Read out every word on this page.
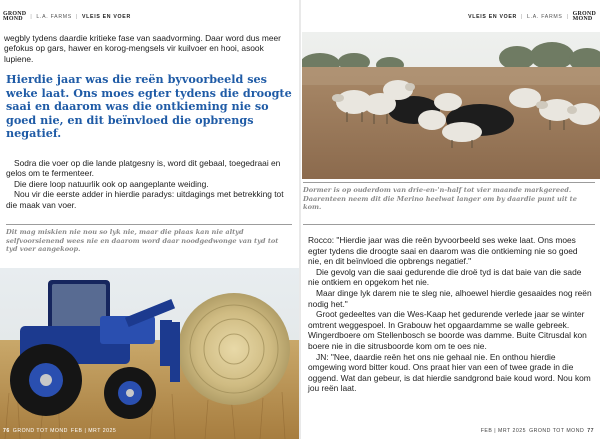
GROND
MOND	| L.A. FARMS | VLEIS EN VOER
wegbly tydens daardie kritieke fase van saadvorming. Daar word dus meer gefokus op gars, hawer en korog-mengsels vir kuilvoer en hooi, asook lupiene.
Hierdie jaar was die reën byvoorbeeld ses weke laat. Ons moes egter tydens die droogte saai en daarom was die ontkieming nie so goed nie, en dit beïnvloed die opbrengs negatief.

Sodra die voer op die lande platgesny is, word dit gebaal, toegedraai en gelos om te fermenteer.

Die diere loop natuurlik ook op aangeplante weiding.

Nou vir die eerste adder in hierdie paradys: uitdagings met betrekking tot die maak van voer.

Dit mag miskien nie nou so lyk nie, maar die plaas kan nie altyd selfvoorsienend wees nie en daarom word daar noodgedwonge van tyd tot tyd voer aangekoop.
76 GROND TOT MOND FEB | MRT 2025
VLEIS EN VOER | L.A. FARMS | GROND
MOND
Dormer is op ouderdom van drie-en-'n-half tot vier maande markgereed. Daarenteen neem dit die Merino heelwat langer om by daardie punt uit te kom.

Rocco: "Hierdie jaar was die reën byvoorbeeld ses weke laat. Ons moes egter tydens die droogte saai en daarom was die ontkieming nie so goed nie, en dit beïnvloed die opbrengs negatief."

Die gevolg van die saai gedurende die droë tyd is dat baie van die sade nie ontkiem en opgekom het nie.

Maar dinge lyk darem nie te sleg nie, alhoewel hierdie gesaaides nog reën nodig het."

Groot gedeeltes van die Wes-Kaap het gedurende verlede jaar se winter omtrent weggespoel. In Grabouw het opgaardamme se walle gebreek. Wingerdboere om Stellenbosch se boorde was damme. Buite Citrusdal kon boere nie in die sitrusboorde kom om te oes nie.

JN: "Nee, daardie reën het ons nie gehaal nie. En onthou hierdie omgewing word bitter koud. Ons praat hier van een of twee grade in die oggend. Wat dan gebeur, is dat hierdie sandgrond baie koud word. Nou kom jou reën laat.

FEB | MRT 2025 GROND TOT MOND 77
